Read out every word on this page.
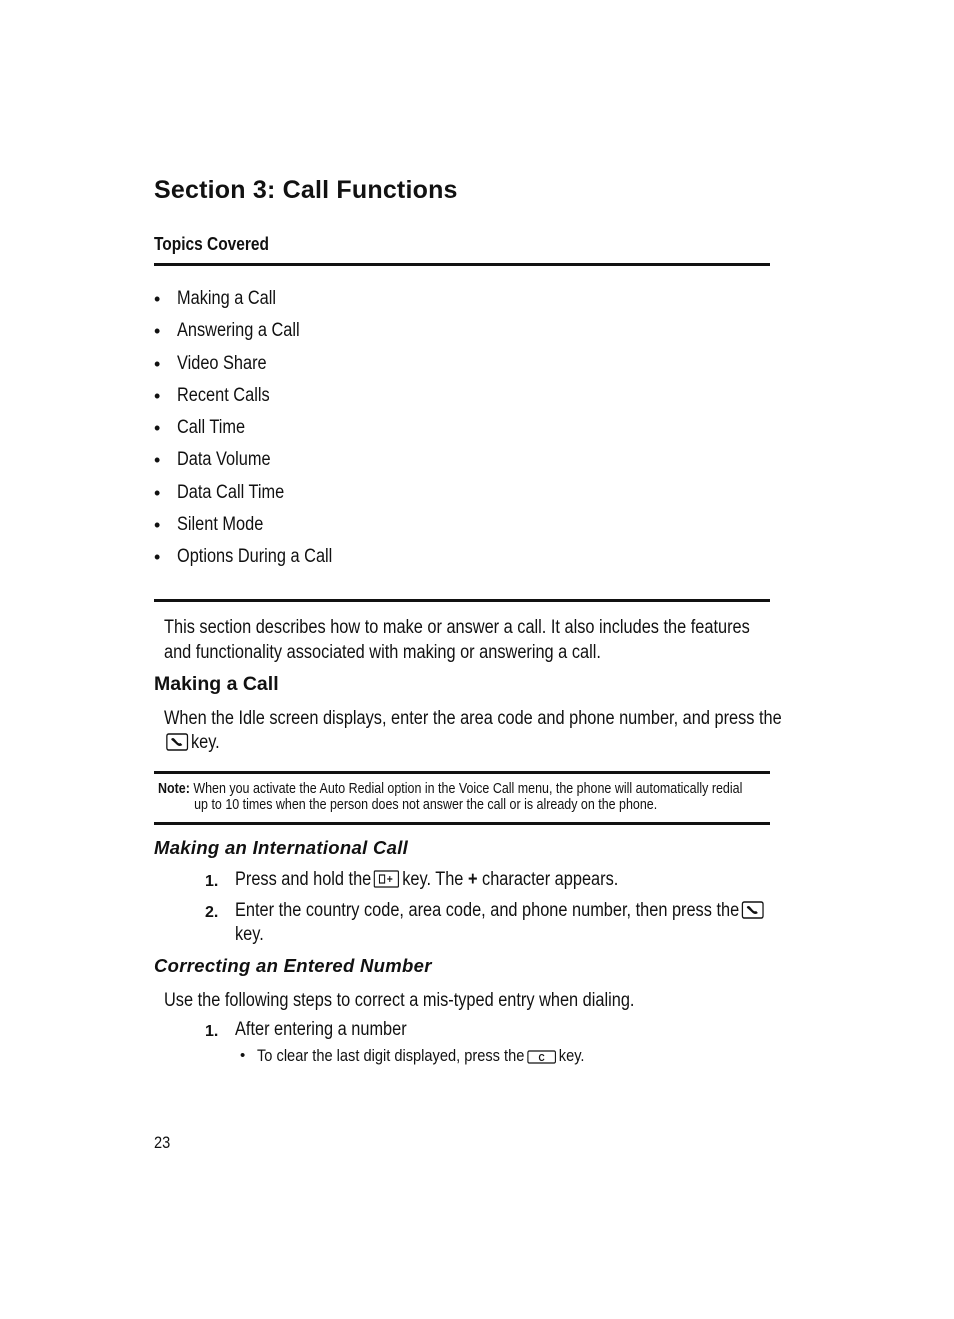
Section 3: Call Functions
Topics Covered
• Making a Call
• Answering a Call
• Video Share
• Recent Calls
• Call Time
• Data Volume
• Data Call Time
• Silent Mode
• Options During a Call
This section describes how to make or answer a call. It also includes the features
and functionality associated with making or answering a call.
Making a Call
When the Idle screen displays, enter the area code and phone number, and press the
key.
Note: When you activate the Auto Redial option in the Voice Call menu, the phone will automatically redial
up to 10 times when the person does not answer the call or is already on the phone.
Making an International Call
1. Press and hold the key. The + character appears.
2. Enter the country code, area code, and phone number, then press the
key.
Correcting an Entered Number
Use the following steps to correct a mis-typed entry when dialing.
1. After entering a number
To clear the last digit displayed, press the C key.
23
